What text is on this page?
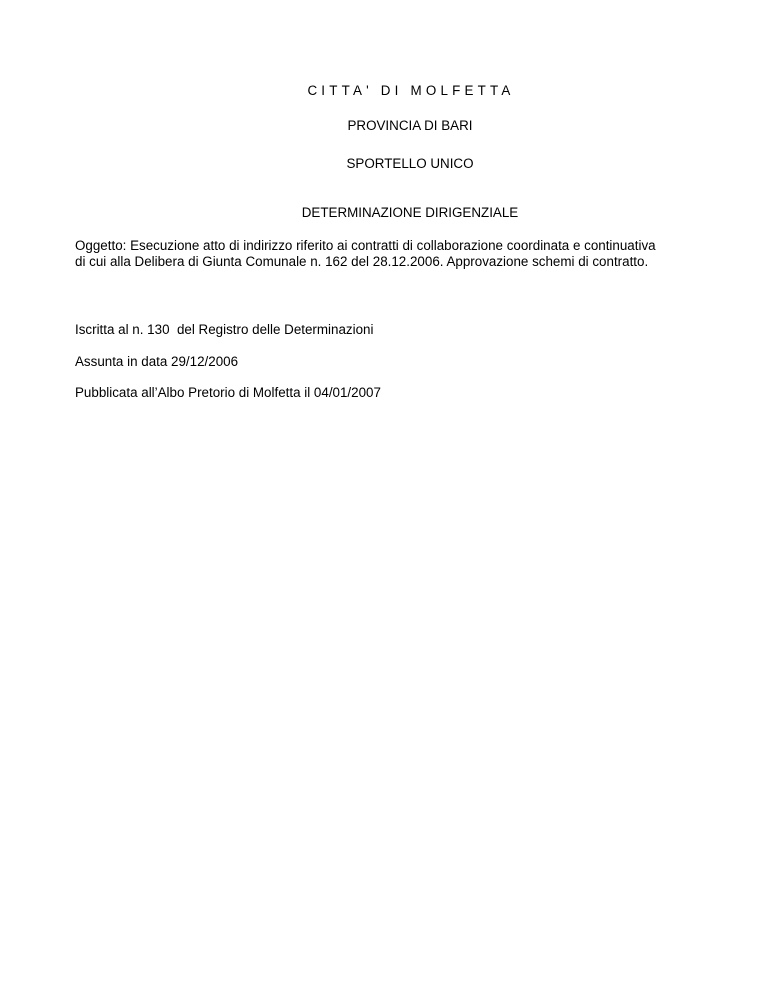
CITTA' DI MOLFETTA
PROVINCIA DI BARI
SPORTELLO UNICO
DETERMINAZIONE DIRIGENZIALE

Oggetto: Esecuzione atto di indirizzo riferito ai contratti di collaborazione coordinata e continuativa

di cui alla Delibera di Giunta Comunale n. 162 del 28.12.2006. Approvazione schemi di contratto.

Iscritta al n. 130  del Registro delle Determinazioni
Assunta in data 29/12/2006
Pubblicata all’Albo Pretorio di Molfetta il 04/01/2007
